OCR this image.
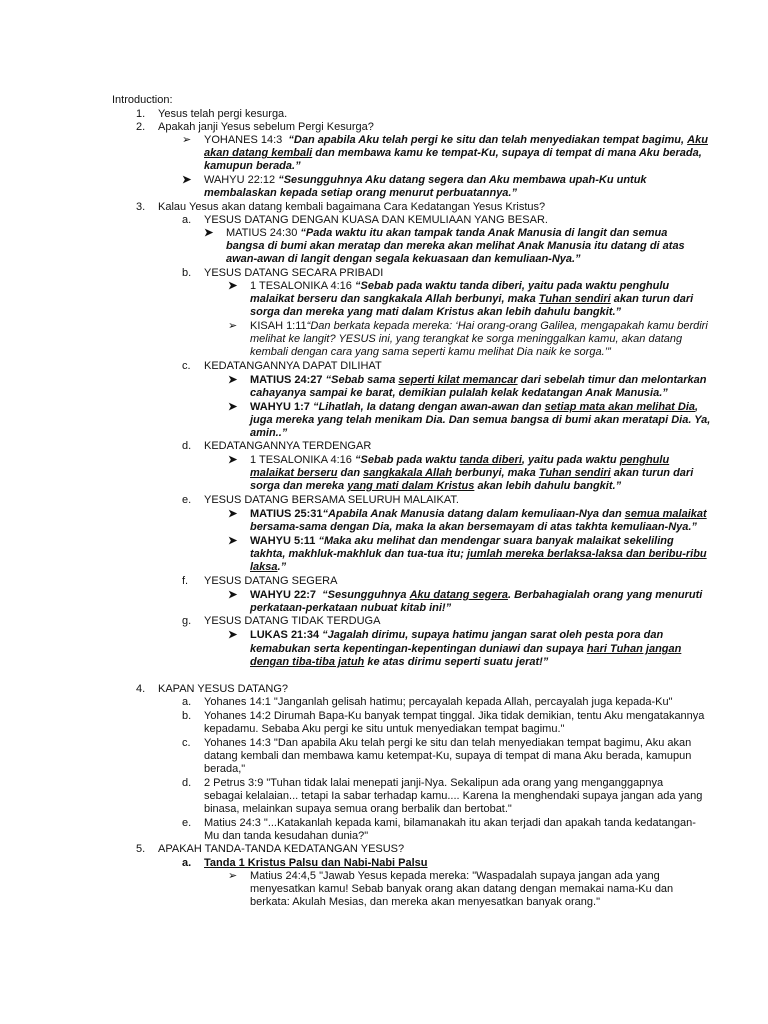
Introduction:
1. Yesus telah pergi kesurga.
2. Apakah janji Yesus sebelum Pergi Kesurga?
➢ YOHANES 14:3 “Dan apabila Aku telah pergi ke situ dan telah menyediakan tempat bagimu, Aku
akan datang kembali dan membawa kamu ke tempat-Ku, supaya di tempat di mana Aku berada,
kamupun berada.”
➤ WAHYU 22:12 “Sesungguhnya Aku datang segera dan Aku membawa upah-Ku untuk
membalaskan kepada setiap orang menurut perbuatannya.”
3. Kalau Yesus akan datang kembali bagaimana Cara Kedatangan Yesus Kristus?
a. YESUS DATANG DENGAN KUASA DAN KEMULIAAN YANG BESAR.
➤ MATIUS 24:30 “Pada waktu itu akan tampak tanda Anak Manusia di langit dan semua
bangsa di bumi akan meratap dan mereka akan melihat Anak Manusia itu datang di atas
awan-awan di langit dengan segala kekuasaan dan kemuliaan-Nya.”
b. YESUS DATANG SECARA PRIBADI
➤ 1 TESALONIKA 4:16 “Sebab pada waktu tanda diberi, yaitu pada waktu penghulu
malaikat berseru dan sangkakala Allah berbunyi, maka Tuhan sendiri akan turun dari
sorga dan mereka yang mati dalam Kristus akan lebih dahulu bangkit.”
➢ KISAH 1:11“Dan berkata kepada mereka: ‘Hai orang-orang Galilea, mengapakah kamu berdiri
melihat ke langit? YESUS ini, yang terangkat ke sorga meninggalkan kamu, akan datang
kembali dengan cara yang sama seperti kamu melihat Dia naik ke sorga.’”
c. KEDATANGANNYA DAPAT DILIHAT
➤ MATIUS 24:27 “Sebab sama seperti kilat memancar dari sebelah timur dan melontarkan
cahayanya sampai ke barat, demikian pulalah kelak kedatangan Anak Manusia.”
➤ WAHYU 1:7 “Lihatlah, Ia datang dengan awan-awan dan setiap mata akan melihat Dia,
juga mereka yang telah menikam Dia. Dan semua bangsa di bumi akan meratapi Dia. Ya,
amin..”
d. KEDATANGANNYA TERDENGAR
➤ 1 TESALONIKA 4:16 “Sebab pada waktu tanda diberi, yaitu pada waktu penghulu
malaikat berseru dan sangkakala Allah berbunyi, maka Tuhan sendiri akan turun dari
sorga dan mereka yang mati dalam Kristus akan lebih dahulu bangkit.”
e. YESUS DATANG BERSAMA SELURUH MALAIKAT.
➤ MATIUS 25:31“Apabila Anak Manusia datang dalam kemuliaan-Nya dan semua malaikat
bersama-sama dengan Dia, maka Ia akan bersemayam di atas takhta kemuliaan-Nya.”
➤ WAHYU 5:11 “Maka aku melihat dan mendengar suara banyak malaikat sekeliling
takhta, makhluk-makhluk dan tua-tua itu; jumlah mereka berlaksa-laksa dan beribu-ribu
laksa.”
f. YESUS DATANG SEGERA
➤ WAHYU 22:7 “Sesungguhnya Aku datang segera. Berbahagialah orang yang menuruti
perkataan-perkataan nubuat kitab ini!”
g. YESUS DATANG TIDAK TERDUGA
➤ LUKAS 21:34 “Jagalah dirimu, supaya hatimu jangan sarat oleh pesta pora dan
kemabukan serta kepentingan-kepentingan duniawi dan supaya hari Tuhan jangan
dengan tiba-tiba jatuh ke atas dirimu seperti suatu jerat!”
4. KAPAN YESUS DATANG?
a. Yohanes 14:1 "Janganlah gelisah hatimu; percayalah kepada Allah, percayalah juga kepada-Ku"
b. Yohanes 14:2 Dirumah Bapa-Ku banyak tempat tinggal. Jika tidak demikian, tentu Aku mengatakannya
kepadamu. Sebaba Aku pergi ke situ untuk menyediakan tempat bagimu."
c. Yohanes 14:3 "Dan apabila Aku telah pergi ke situ dan telah menyediakan tempat bagimu, Aku akan
datang kembali dan membawa kamu ketempat-Ku, supaya di tempat di mana Aku berada, kamupun
berada,"
d. 2 Petrus 3:9 "Tuhan tidak lalai menepati janji-Nya. Sekalipun ada orang yang menganggapnya
sebagai kelalaian... tetapi Ia sabar terhadap kamu.... Karena Ia menghendaki supaya jangan ada yang
binasa, melainkan supaya semua orang berbalik dan bertobat."
e. Matius 24:3 "...Katakanlah kepada kami, bilamanakah itu akan terjadi dan apakah tanda kedatangan-
Mu dan tanda kesudahan dunia?"
5. APAKAH TANDA-TANDA KEDATANGAN YESUS?
a. Tanda 1 Kristus Palsu dan Nabi-Nabi Palsu
➢ Matius 24:4,5 "Jawab Yesus kepada mereka: "Waspadalah supaya jangan ada yang
menyesatkan kamu! Sebab banyak orang akan datang dengan memakai nama-Ku dan
berkata: Akulah Mesias, dan mereka akan menyesatkan banyak orang."
